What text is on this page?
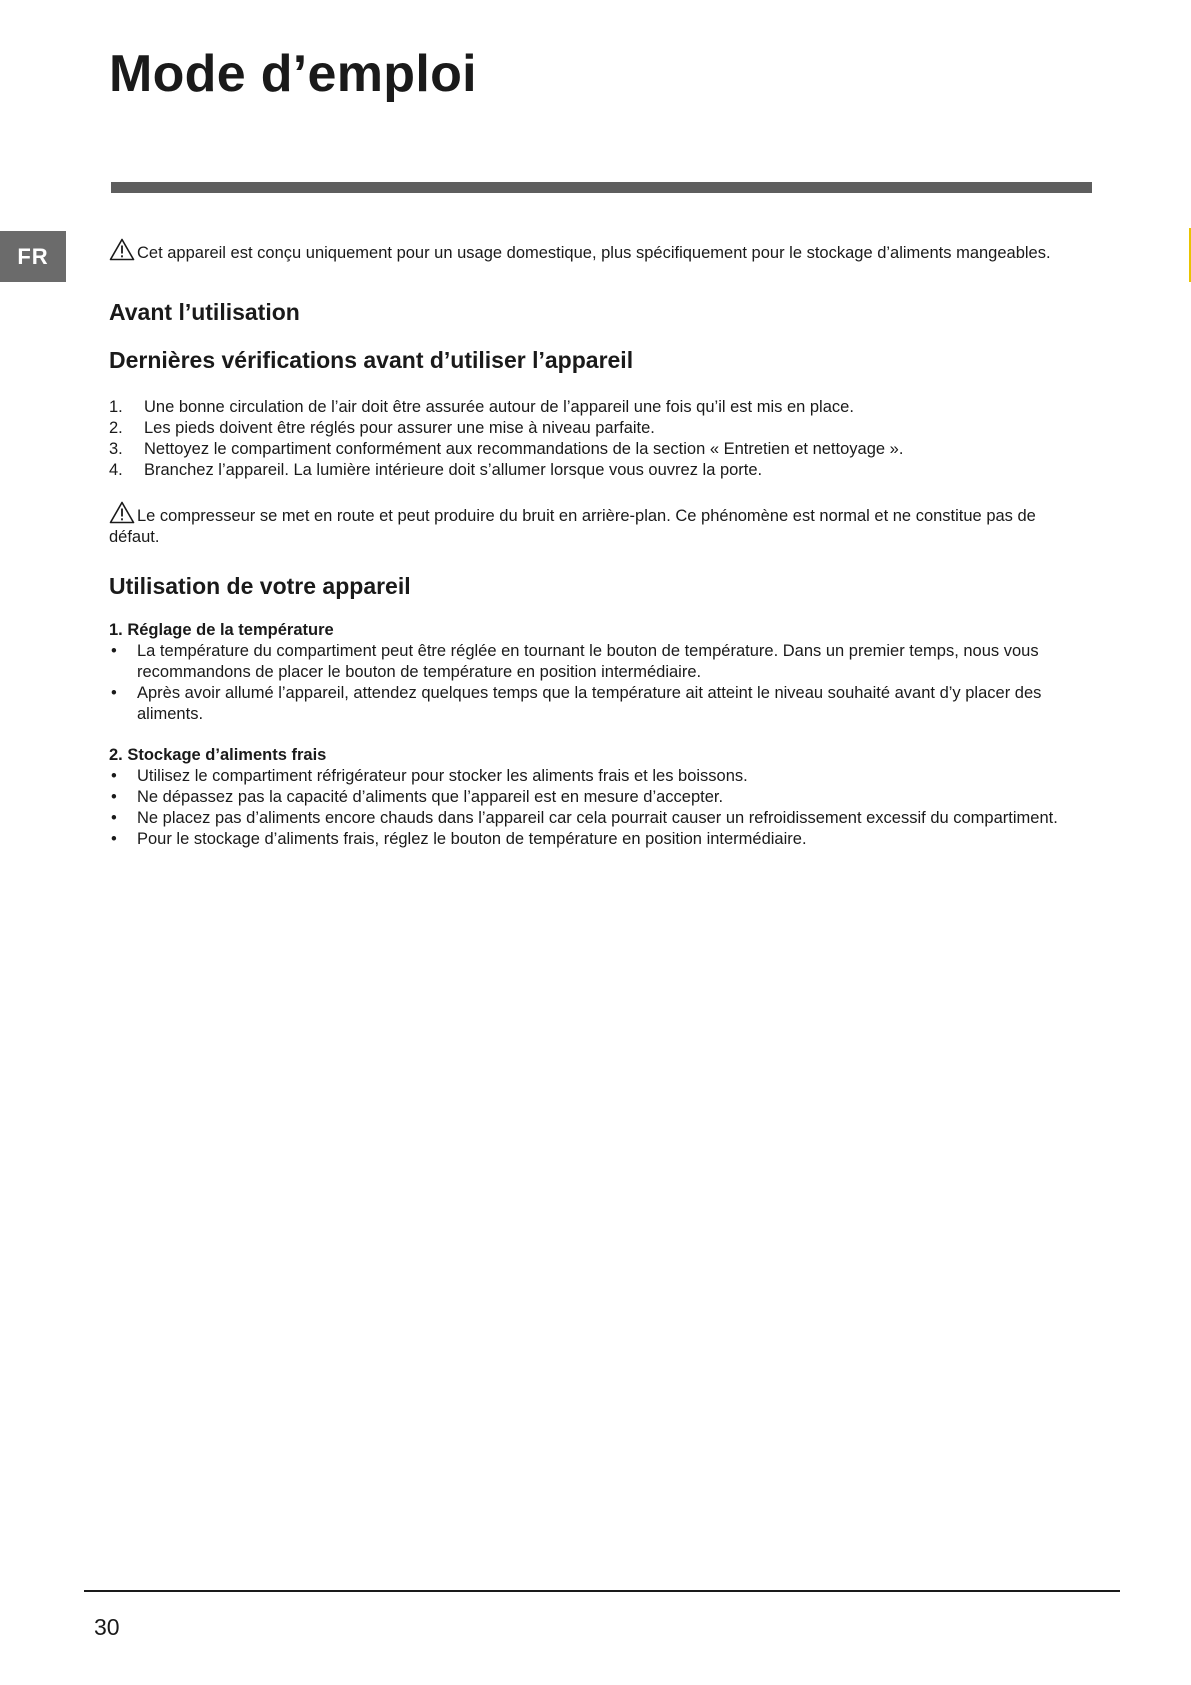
Mode d’emploi
FR	Cet appareil est conçu uniquement pour un usage domestique, plus spécifiquement pour le stockage d’aliments mangeables.

Avant l’utilisation
Dernières vérifications avant d’utiliser l’appareil
1.	Une bonne circulation de l’air doit être assurée autour de l’appareil une fois qu’il est mis en place.
2.	Les pieds doivent être réglés pour assurer une mise à niveau parfaite.
3.	Nettoyez le compartiment conformément aux recommandations de la section « Entretien et nettoyage ».
4.	Branchez l’appareil. La lumière intérieure doit s’allumer lorsque vous ouvrez la porte.

Le compresseur se met en route et peut produire du bruit en arrière-plan. Ce phénomène est normal et ne constitue pas de défaut.

Utilisation de votre appareil
1. Réglage de la température
•	La température du compartiment peut être réglée en tournant le bouton de température. Dans un premier temps, nous vous recommandons de placer le bouton de température en position intermédiaire.
•	Après avoir allumé l’appareil, attendez quelques temps que la température ait atteint le niveau souhaité avant d’y placer des aliments.
2. Stockage d’aliments frais
•	Utilisez le compartiment réfrigérateur pour stocker les aliments frais et les boissons.
•	Ne dépassez pas la capacité d’aliments que l’appareil est en mesure d’accepter.
•	Ne placez pas d’aliments encore chauds dans l’appareil car cela pourrait causer un refroidissement excessif du compartiment.
•	Pour le stockage d’aliments frais, réglez le bouton de température en position intermédiaire.
30
